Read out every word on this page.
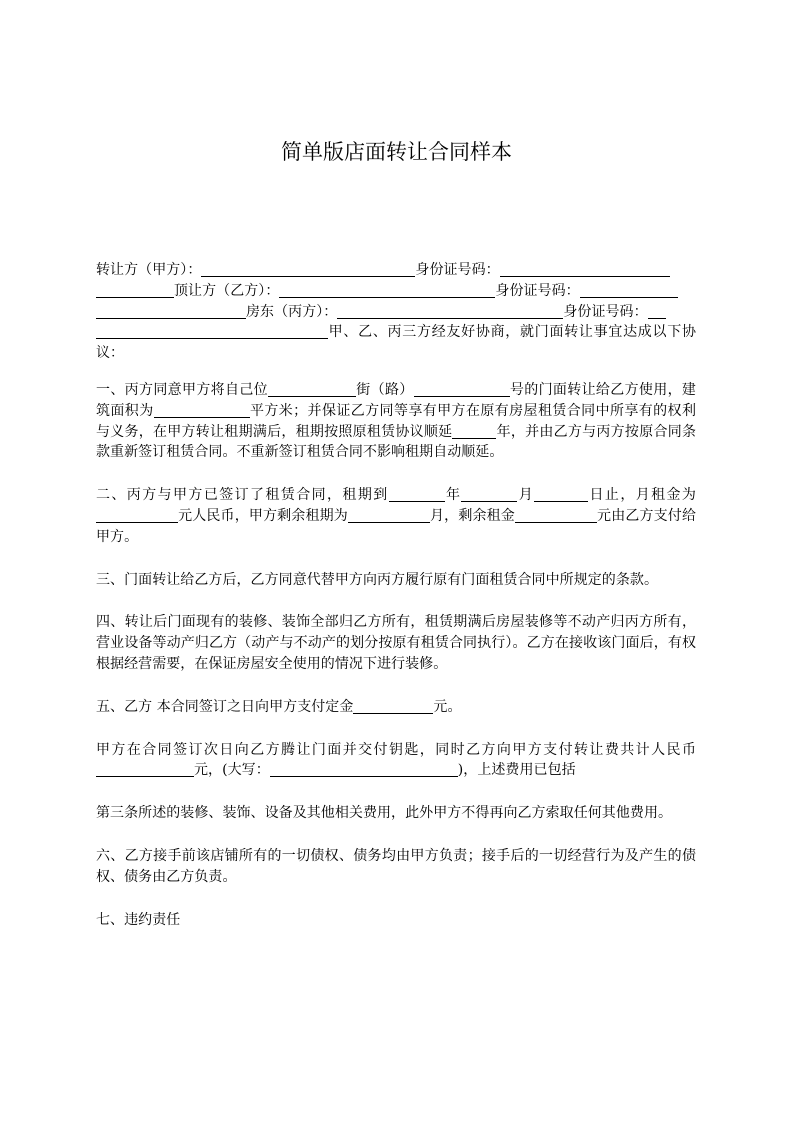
简单版店面转让合同样本

转让方（甲方）：	身份证号码：
顶让方（乙方）：	身份证号码：
房东（丙方）：	身份证号码：
甲、乙、丙三方经友好协商，就门面转让事宜达成以下协议：

一、丙方同意甲方将自己位	街（路）	号的门面转让给乙方使用，建筑面积为	平方米；并保证乙方同等享有甲方在原有房屋租赁合同中所享有的权利与义务，在甲方转让租期满后，租期按照原租赁协议顺延	年，并由乙方与丙方按原合同条款重新签订租赁合同。不重新签订租赁合同不影响租期自动顺延。

二、丙方与甲方已签订了租赁合同，租期到	年	月	日止，月租金为元人民币，甲方剩余租期为	月，剩余租金	元由乙方支付给甲方。

三、门面转让给乙方后，乙方同意代替甲方向丙方履行原有门面租赁合同中所规定的条款。

四、转让后门面现有的装修、装饰全部归乙方所有，租赁期满后房屋装修等不动产归丙方所有，营业设备等动产归乙方（动产与不动产的划分按原有租赁合同执行）。乙方在接收该门面后，有权根据经营需要，在保证房屋安全使用的情况下进行装修。

五、乙方 本合同签订之日向甲方支付定金	元。

甲方在合同签订次日向乙方腾让门面并交付钥匙，同时乙方向甲方支付转让费共计人民币元，(大写：	)，上述费用已包括

第三条所述的装修、装饰、设备及其他相关费用，此外甲方不得再向乙方索取任何其他费用。

六、乙方接手前该店铺所有的一切债权、债务均由甲方负责；接手后的一切经营行为及产生的债权、债务由乙方负责。

七、违约责任
